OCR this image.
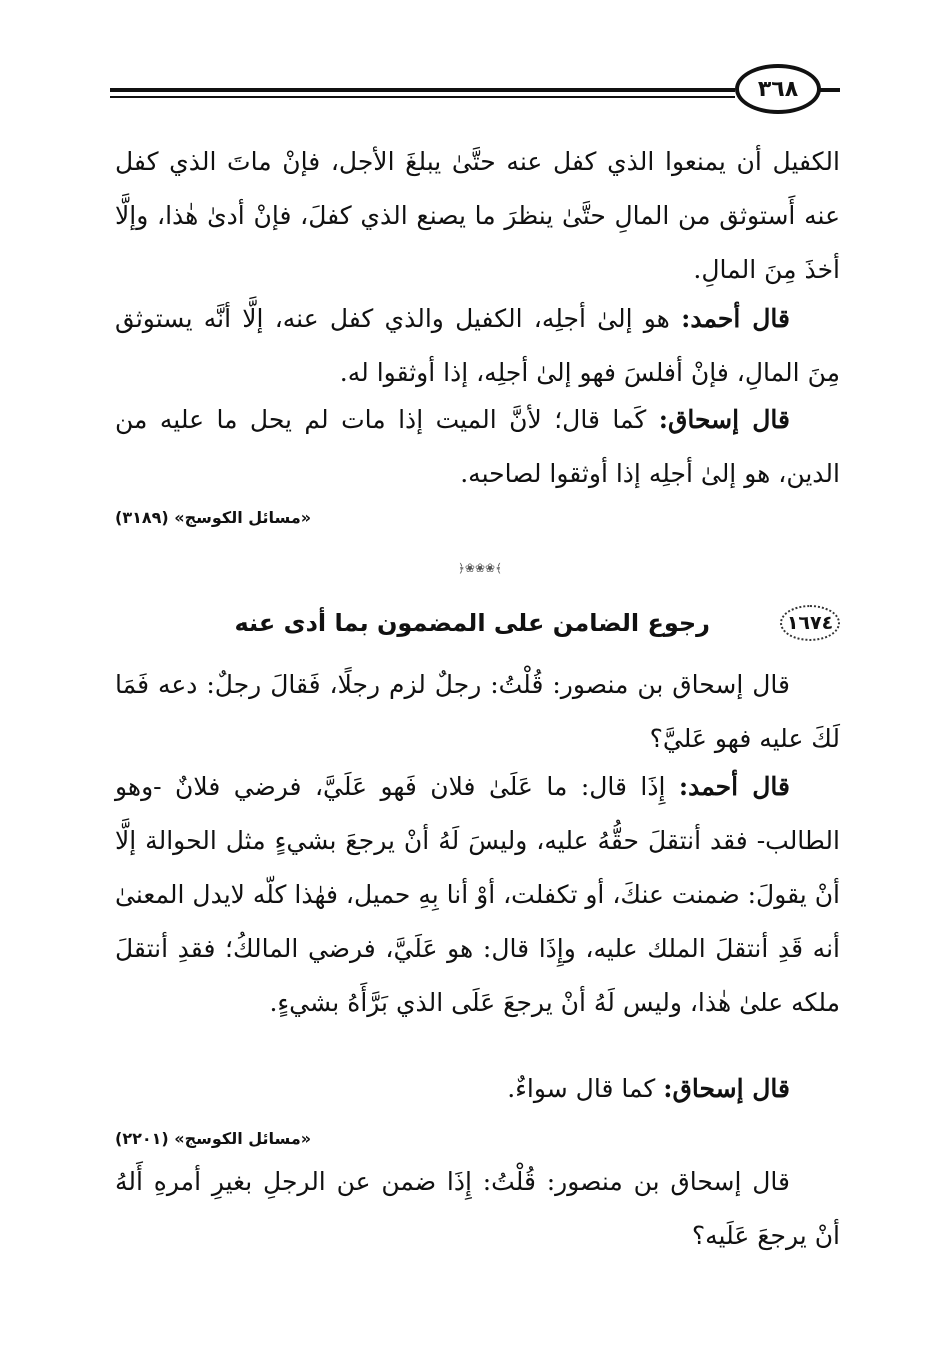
٣٦٨

الكفيل أن يمنعوا الذي كفل عنه حتَّىٰ يبلغَ الأجل، فإنْ ماتَ الذي كفل عنه أَستوثق من المالِ حتَّىٰ ينظرَ ما يصنع الذي كفلَ، فإنْ أدىٰ هٰذا، وإلَّا أخذَ مِنَ المالِ.

قال أحمد: هو إلىٰ أجلِه، الكفيل والذي كفل عنه، إلَّا أنَّه يستوثق مِنَ المالِ، فإنْ أفلسَ فهو إلىٰ أجلِه، إذا أوثقوا له.

قال إسحاق: كَما قال؛ لأنَّ الميت إذا مات لم يحل ما عليه من الدين، هو إلىٰ أجلِه إذا أوثقوا لصاحبه.

«مسائل الكوسج» (٣١٨٩)
﴿❀❀❀﴾
١٦٧٤
رجوع الضامن على المضمون بما أدى عنه

قال إسحاق بن منصور: قُلْتُ: رجلٌ لزم رجلًا، فَقالَ رجلٌ: دعه فَمَا لَكَ عليه فهو عَليَّ؟

قال أحمد: إِذَا قال: ما عَلَىٰ فلان فَهو عَلَيَّ، فرضي فلانٌ -وهو الطالب- فقد أنتقلَ حقُّهُ عليه، وليسَ لَهُ أنْ يرجعَ بشيءٍ مثل الحوالة إلَّا أنْ يقولَ: ضمنت عنكَ، أو تكفلت، أوْ أنا بِهِ حميل، فهٰذا كلّه لايدل المعنىٰ أنه قَدِ أنتقلَ الملك عليه، وإِذَا قال: هو عَلَيَّ، فرضي المالكُ؛ فقدِ أنتقلَ ملكه علىٰ هٰذا، وليس لَهُ أنْ يرجعَ عَلَى الذي بَرَّأَهُ بشيءٍ.

قال إسحاق: كما قال سواءٌ.

«مسائل الكوسج» (٢٢٠١)

قال إسحاق بن منصور: قُلْتُ: إِذَا ضمن عن الرجلِ بغيرِ أمرهِ أَلهُ أنْ يرجعَ عَلَيه؟
